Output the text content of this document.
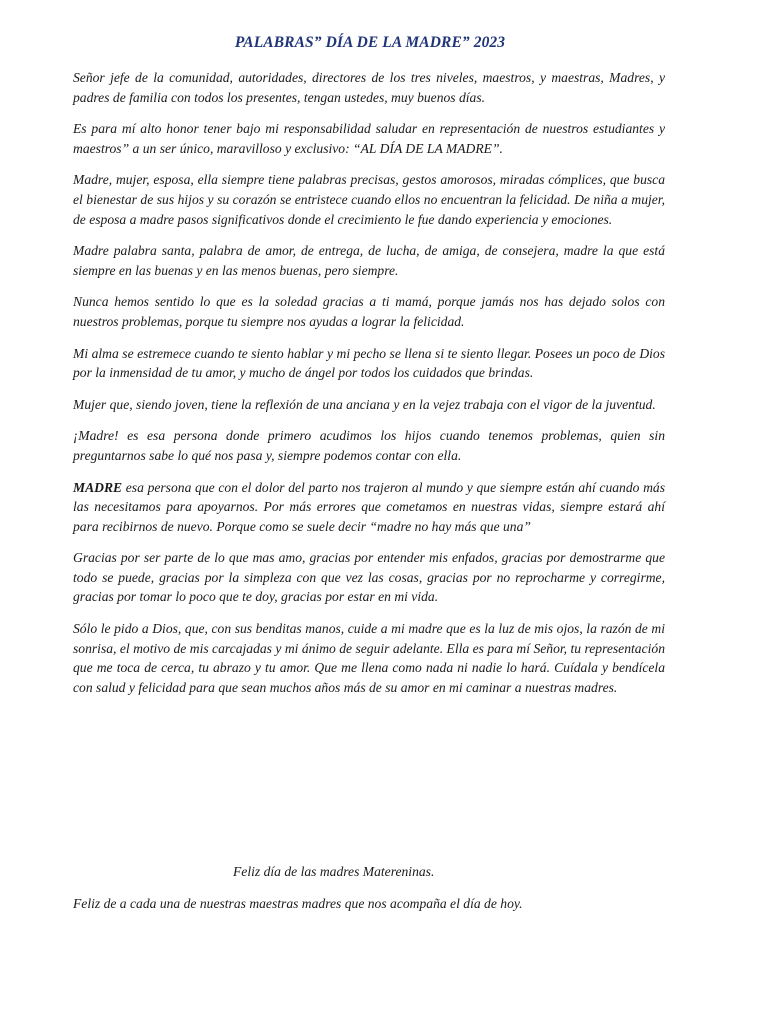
PALABRAS” DÍA DE LA MADRE” 2023

Señor jefe de la comunidad, autoridades, directores de los tres niveles, maestros, y maestras, Madres, y padres de familia con todos los presentes, tengan ustedes, muy buenos días.

Es para mí alto honor tener bajo mi responsabilidad saludar en representación de nuestros estudiantes y maestros” a un ser único, maravilloso y exclusivo: “AL DÍA DE LA MADRE”.

Madre, mujer, esposa, ella siempre tiene palabras precisas, gestos amorosos, miradas cómplices, que busca el bienestar de sus hijos y su corazón se entristece cuando ellos no encuentran la felicidad. De niña a mujer, de esposa a madre pasos significativos donde el crecimiento le fue dando experiencia y emociones.

Madre palabra santa, palabra de amor, de entrega, de lucha, de amiga, de consejera, madre la que está siempre en las buenas y en las menos buenas, pero siempre.

Nunca hemos sentido lo que es la soledad gracias a ti mamá, porque jamás nos has dejado solos con nuestros problemas, porque tu siempre nos ayudas a lograr la felicidad.

Mi alma se estremece cuando te siento hablar y mi pecho se llena si te siento llegar. Posees un poco de Dios por la inmensidad de tu amor, y mucho de ángel por todos los cuidados que brindas.

Mujer que, siendo joven, tiene la reflexión de una anciana y en la vejez trabaja con el vigor de la juventud.

¡Madre! es esa persona donde primero acudimos los hijos cuando tenemos problemas, quien sin preguntarnos sabe lo qué nos pasa y, siempre podemos contar con ella.

MADRE esa persona que con el dolor del parto nos trajeron al mundo y que siempre están ahí cuando más las necesitamos para apoyarnos. Por más errores que cometamos en nuestras vidas, siempre estará ahí para recibirnos de nuevo. Porque como se suele decir “madre no hay más que una”

Gracias por ser parte de lo que mas amo, gracias por entender mis enfados, gracias por demostrarme que todo se puede, gracias por la simpleza con que vez las cosas, gracias por no reprocharme y corregirme, gracias por tomar lo poco que te doy, gracias por estar en mi vida.

Sólo le pido a Dios, que, con sus benditas manos, cuide a mi madre que es la luz de mis ojos, la razón de mi sonrisa, el motivo de mis carcajadas y mi ánimo de seguir adelante. Ella es para mí Señor, tu representación que me toca de cerca, tu abrazo y tu amor. Que me llena como nada ni nadie lo hará. Cuídala y bendícela con salud y felicidad para que sean muchos años más de su amor en mi caminar a nuestras madres.

Feliz día de las madres Matereninas.

Feliz de a cada una de nuestras maestras madres que nos acompaña el día de hoy.
